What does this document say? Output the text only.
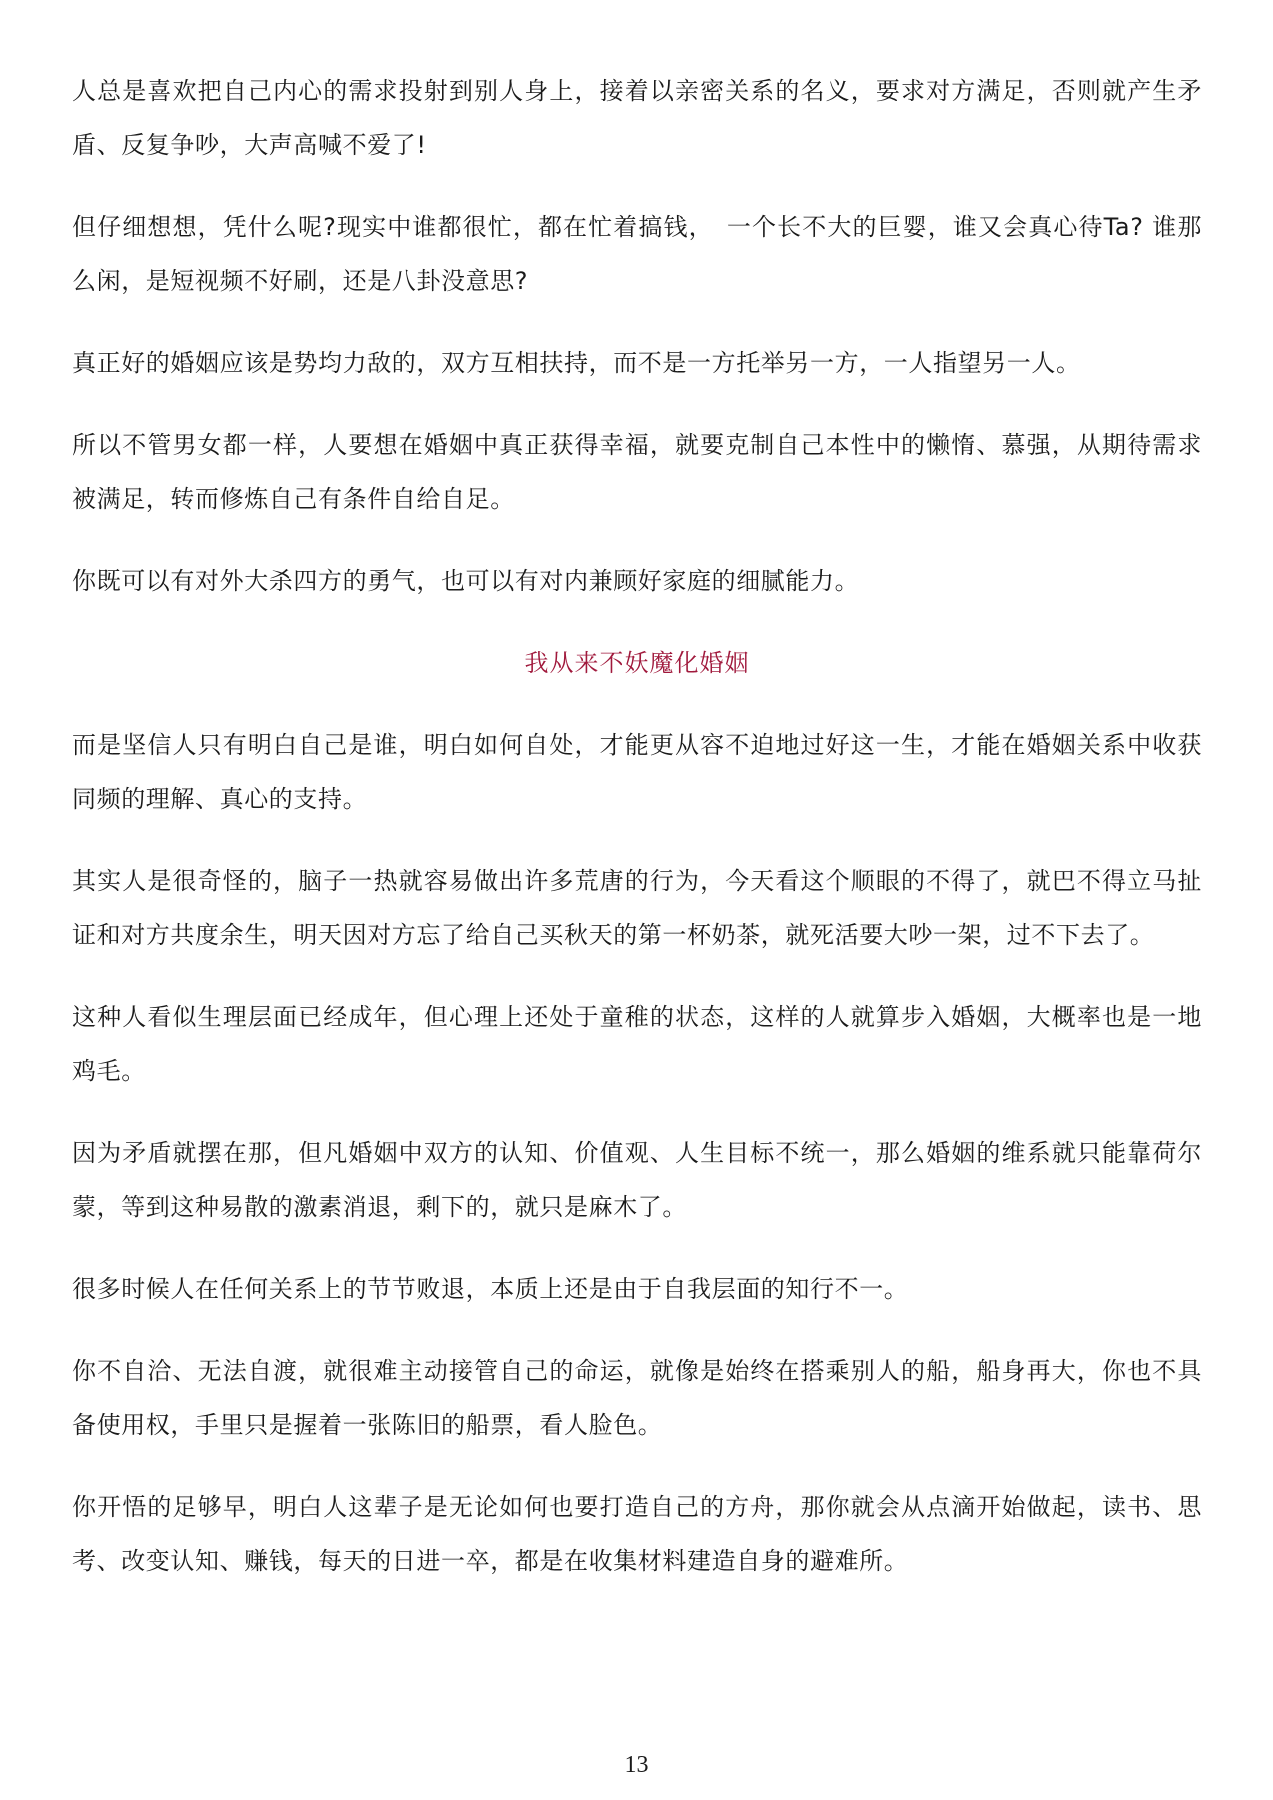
人总是喜欢把自己内心的需求投射到别人身上，接着以亲密关系的名义，要求对方满足，否则就产生矛盾、反复争吵，大声高喊不爱了!

但仔细想想，凭什么呢?现实中谁都很忙，都在忙着搞钱，　一个长不大的巨婴，谁又会真心待Ta? 谁那么闲，是短视频不好刷，还是八卦没意思?

真正好的婚姻应该是势均力敌的，双方互相扶持，而不是一方托举另一方，一人指望另一人。

所以不管男女都一样，人要想在婚姻中真正获得幸福，就要克制自己本性中的懒惰、慕强，从期待需求被满足，转而修炼自己有条件自给自足。

你既可以有对外大杀四方的勇气，也可以有对内兼顾好家庭的细腻能力。

我从来不妖魔化婚姻

而是坚信人只有明白自己是谁，明白如何自处，才能更从容不迫地过好这一生，才能在婚姻关系中收获同频的理解、真心的支持。

其实人是很奇怪的，脑子一热就容易做出许多荒唐的行为，今天看这个顺眼的不得了，就巴不得立马扯证和对方共度余生，明天因对方忘了给自己买秋天的第一杯奶茶，就死活要大吵一架，过不下去了。

这种人看似生理层面已经成年，但心理上还处于童稚的状态，这样的人就算步入婚姻，大概率也是一地鸡毛。

因为矛盾就摆在那，但凡婚姻中双方的认知、价值观、人生目标不统一，那么婚姻的维系就只能靠荷尔蒙，等到这种易散的激素消退，剩下的，就只是麻木了。

很多时候人在任何关系上的节节败退，本质上还是由于自我层面的知行不一。

你不自洽、无法自渡，就很难主动接管自己的命运，就像是始终在搭乘别人的船，船身再大，你也不具备使用权，手里只是握着一张陈旧的船票，看人脸色。

你开悟的足够早，明白人这辈子是无论如何也要打造自己的方舟，那你就会从点滴开始做起，读书、思考、改变认知、赚钱，每天的日进一卒，都是在收集材料建造自身的避难所。

13
